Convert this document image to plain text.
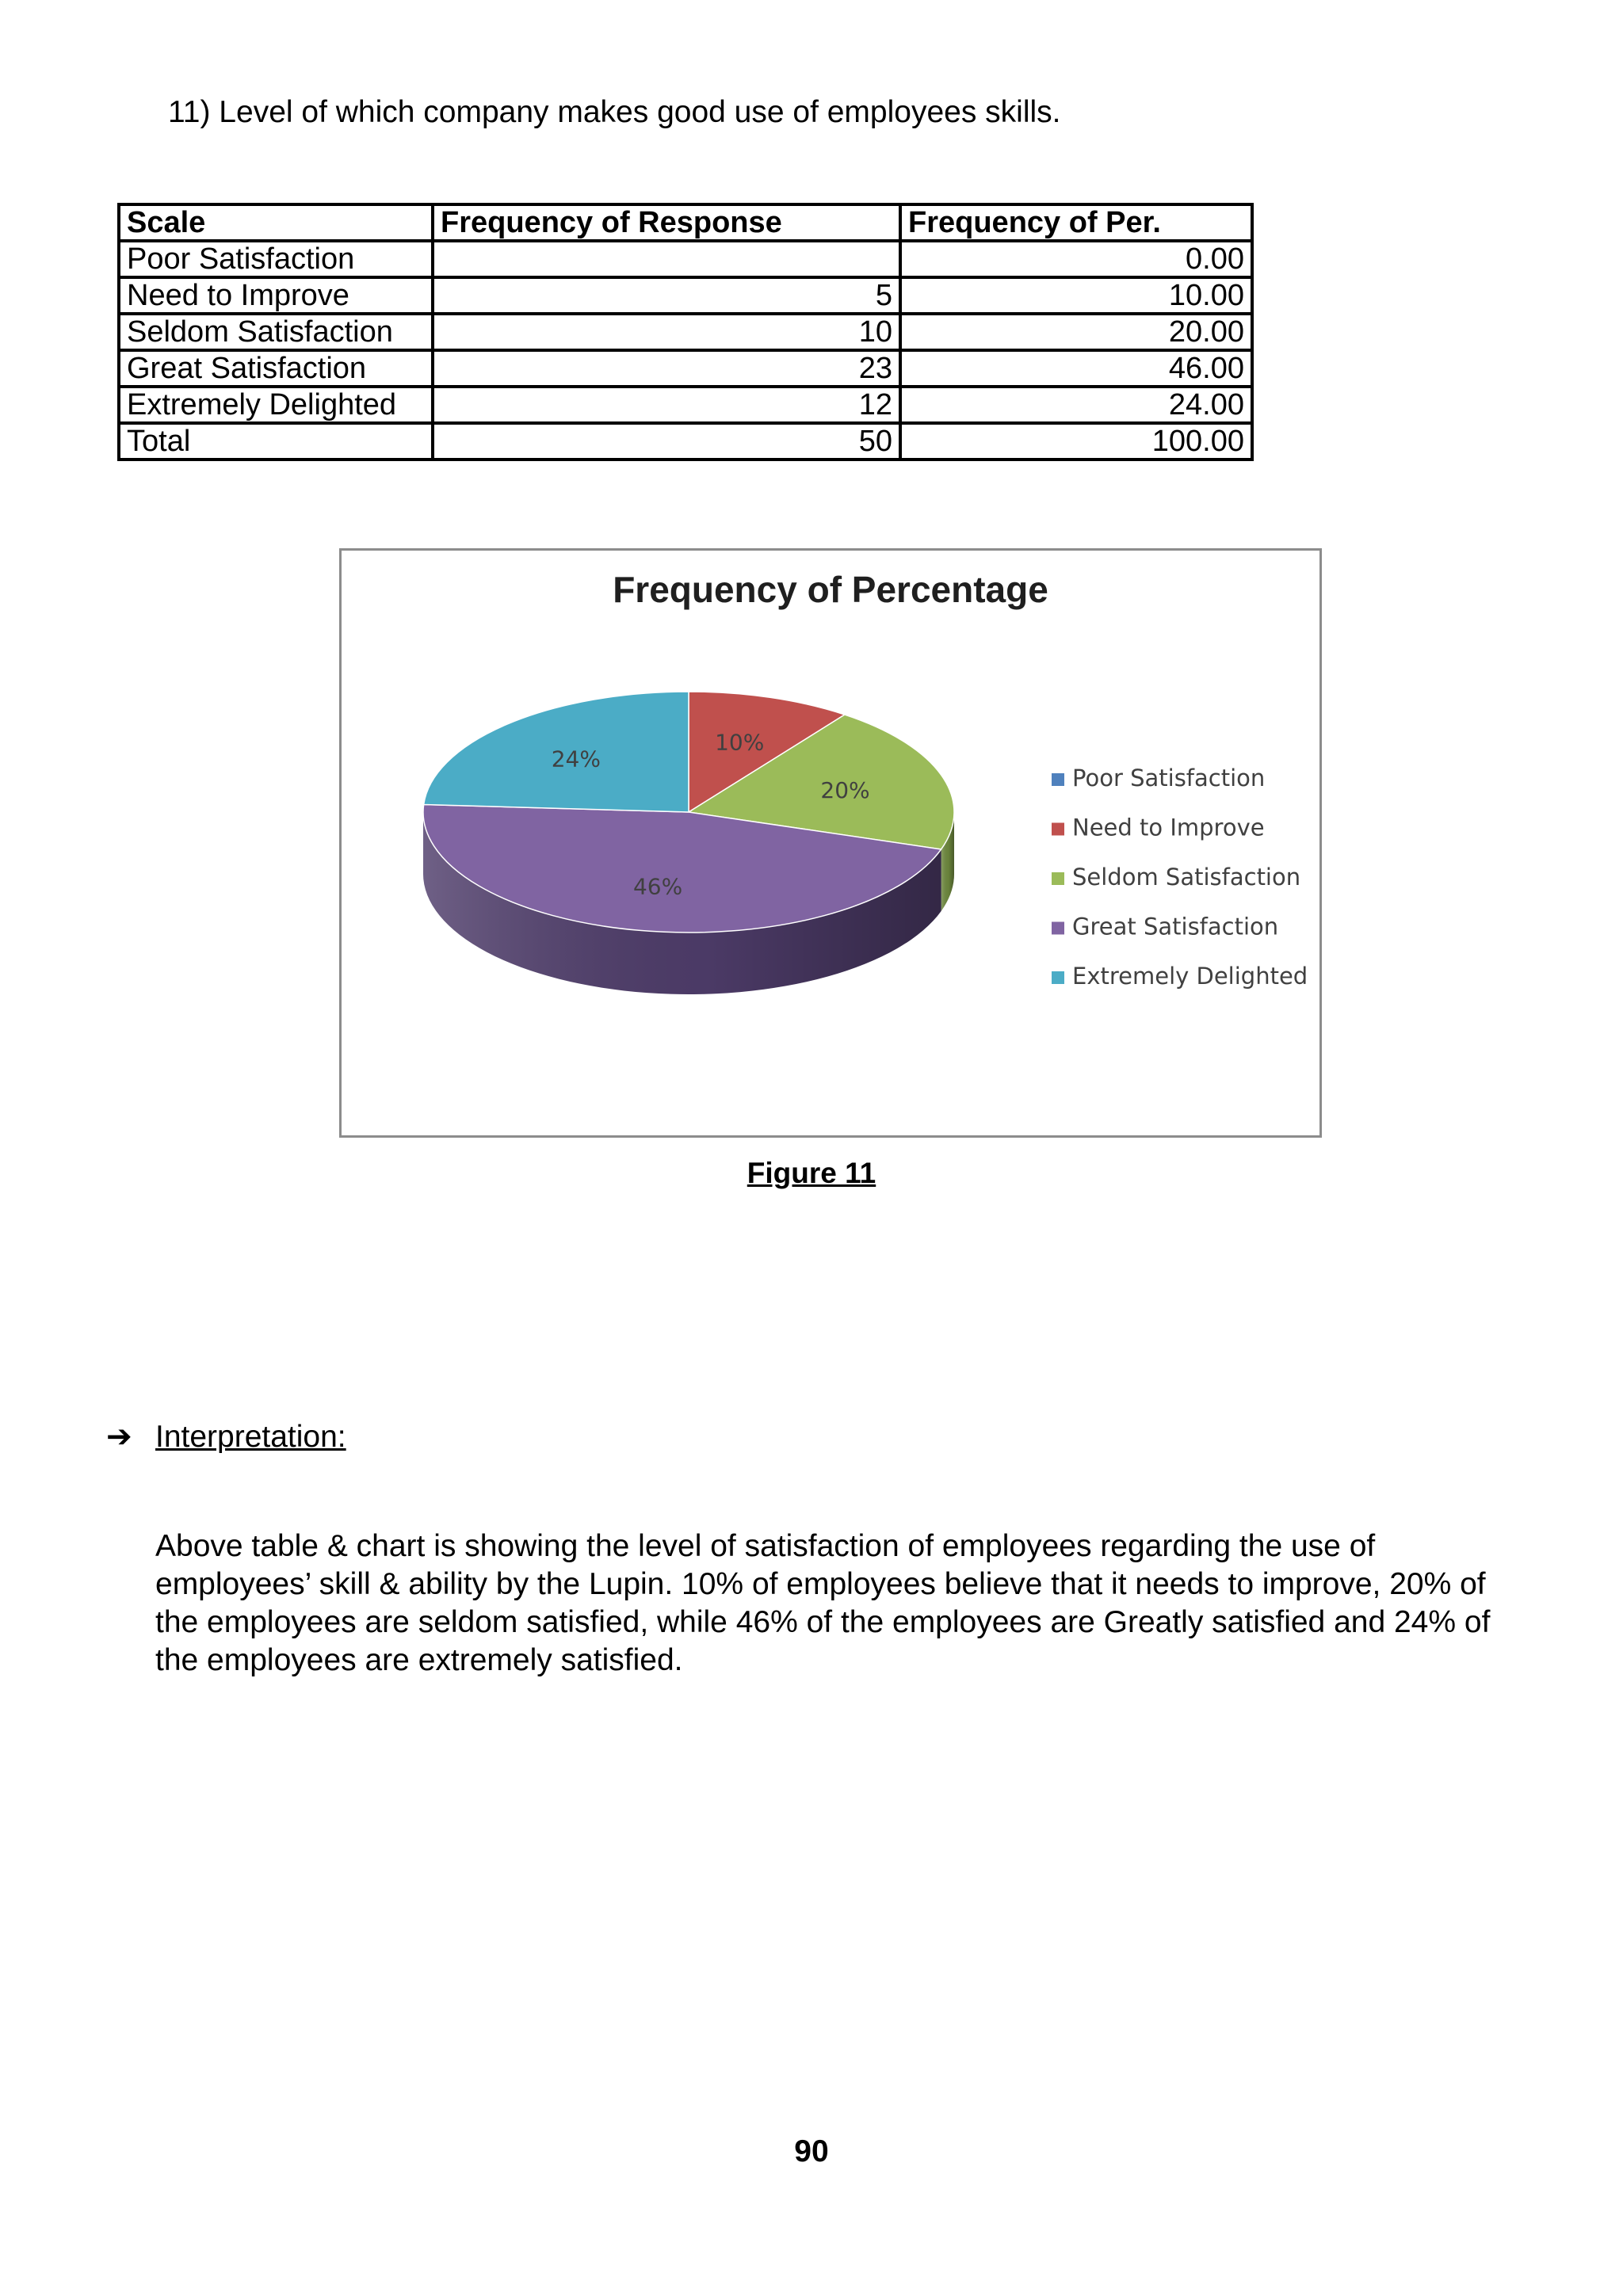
11) Level of which company makes good use of employees skills.
Scale	Frequency of Response	Frequency of Per.
Poor Satisfaction		0.00
Need to Improve	5	10.00
Seldom Satisfaction	10	20.00
Great Satisfaction	23	46.00
Extremely Delighted	12	24.00
Total	50	100.00
Frequency of Percentage
10%
20%
46%
24%
Poor Satisfaction
Need to Improve
Seldom Satisfaction
Great Satisfaction
Extremely Delighted
Figure 11
➔ Interpretation:
Above table & chart is showing the level of satisfaction of employees regarding the use of employees’ skill & ability by the Lupin. 10% of employees believe that it needs to improve, 20% of the employees are seldom satisfied, while 46% of the employees are Greatly satisfied and 24% of the employees are extremely satisfied.
90
